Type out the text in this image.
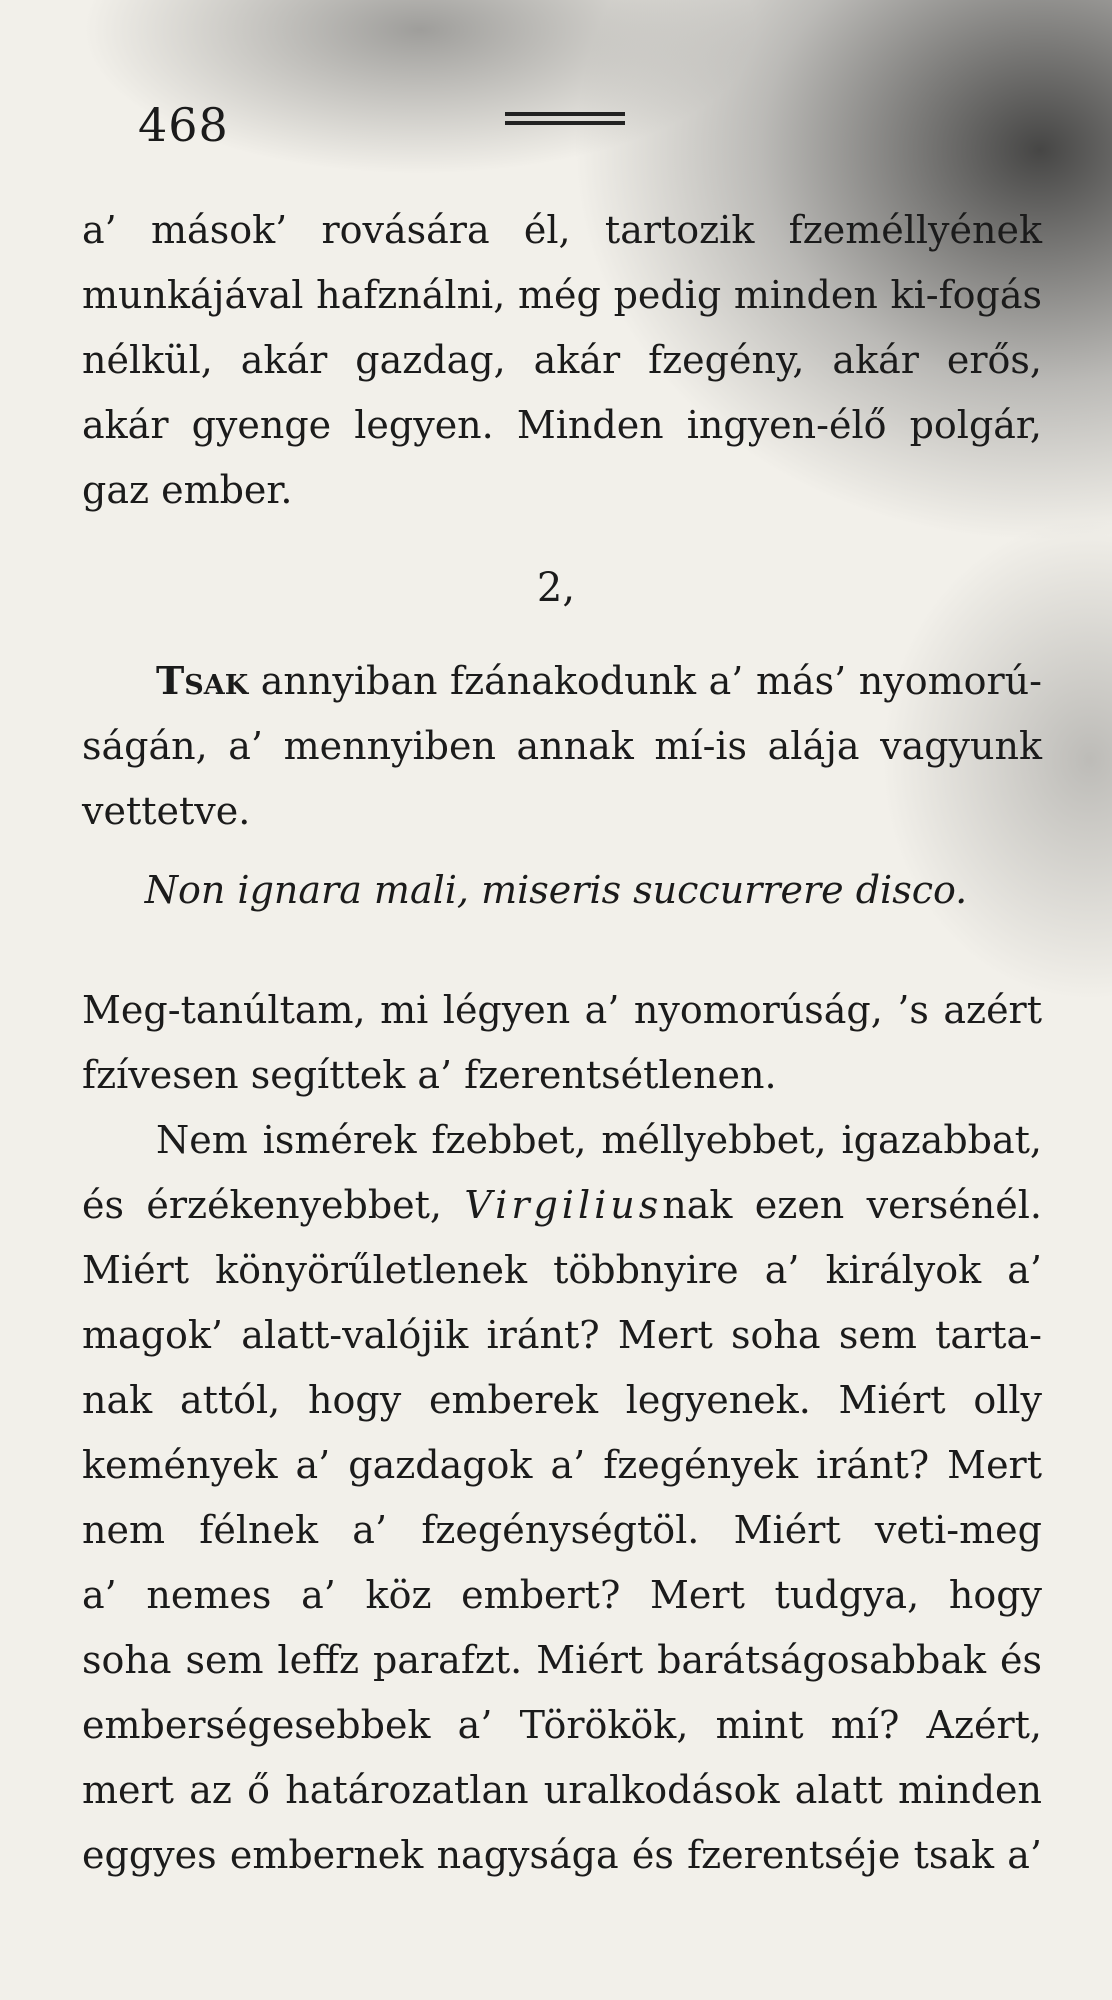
468
a’ mások’ rovására él, tartozik fzeméllyének
munkájával hafználni, még pedig minden ki-fogás
nélkül, akár gazdag, akár fzegény, akár erős,
akár gyenge legyen. Minden ingyen-élő polgár,
gaz ember.
2,
Tsak annyiban fzánakodunk a’ más’ nyomorú-
ságán, a’ mennyiben annak mí-is alája vagyunk
vettetve.
Non ignara mali, miseris succurrere disco.
Meg-tanúltam, mi légyen a’ nyomorúság, ’s azért
fzívesen segíttek a’ fzerentsétlenen.
Nem ismérek fzebbet, méllyebbet, igazabbat,
és érzékenyebbet, Virgiliusnak ezen versénél.
Miért könyörűletlenek többnyire a’ királyok a’
magok’ alatt-valójik iránt? Mert soha sem tarta-
nak attól, hogy emberek legyenek. Miért olly
kemények a’ gazdagok a’ fzegények iránt? Mert
nem félnek a’ fzegénységtöl. Miért veti-meg
a’ nemes a’ köz embert? Mert tudgya, hogy
soha sem leffz parafzt. Miért barátságosabbak és
emberségesebbek a’ Törökök, mint mí? Azért,
mert az ő határozatlan uralkodások alatt minden
eggyes embernek nagysága és fzerentséje tsak a’
